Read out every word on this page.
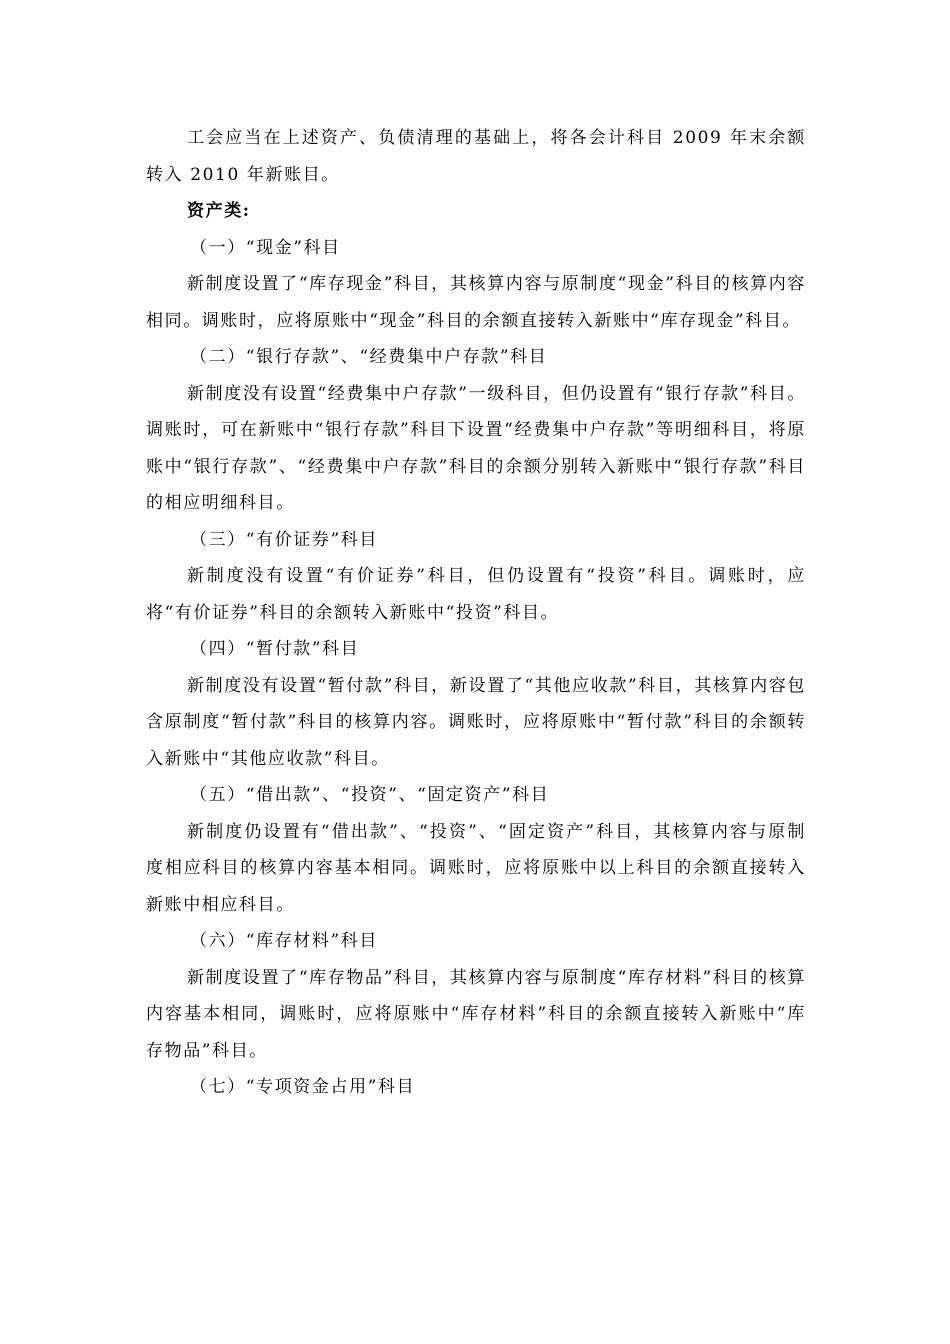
工会应当在上述资产、负债清理的基础上，将各会计科目 2009 年末余额转入 2010 年新账目。

资产类:

（一）“现金”科目

新制度设置了“库存现金”科目，其核算内容与原制度“现金”科目的核算内容相同。调账时，应将原账中“现金”科目的余额直接转入新账中“库存现金”科目。

（二）“银行存款”、“经费集中户存款”科目

新制度没有设置“经费集中户存款”一级科目，但仍设置有“银行存款”科目。调账时，可在新账中“银行存款”科目下设置“经费集中户存款”等明细科目，将原账中“银行存款”、“经费集中户存款”科目的余额分别转入新账中“银行存款”科目的相应明细科目。

（三）“有价证券”科目

新制度没有设置“有价证券”科目，但仍设置有“投资”科目。调账时，应将“有价证券”科目的余额转入新账中“投资”科目。

（四）“暂付款”科目

新制度没有设置“暂付款”科目，新设置了“其他应收款”科目，其核算内容包含原制度“暂付款”科目的核算内容。调账时，应将原账中“暂付款”科目的余额转入新账中“其他应收款”科目。

（五）“借出款”、“投资”、“固定资产”科目

新制度仍设置有“借出款”、“投资”、“固定资产”科目，其核算内容与原制度相应科目的核算内容基本相同。调账时，应将原账中以上科目的余额直接转入新账中相应科目。

（六）“库存材料”科目

新制度设置了“库存物品”科目，其核算内容与原制度“库存材料”科目的核算内容基本相同，调账时，应将原账中“库存材料”科目的余额直接转入新账中“库存物品”科目。

（七）“专项资金占用”科目
